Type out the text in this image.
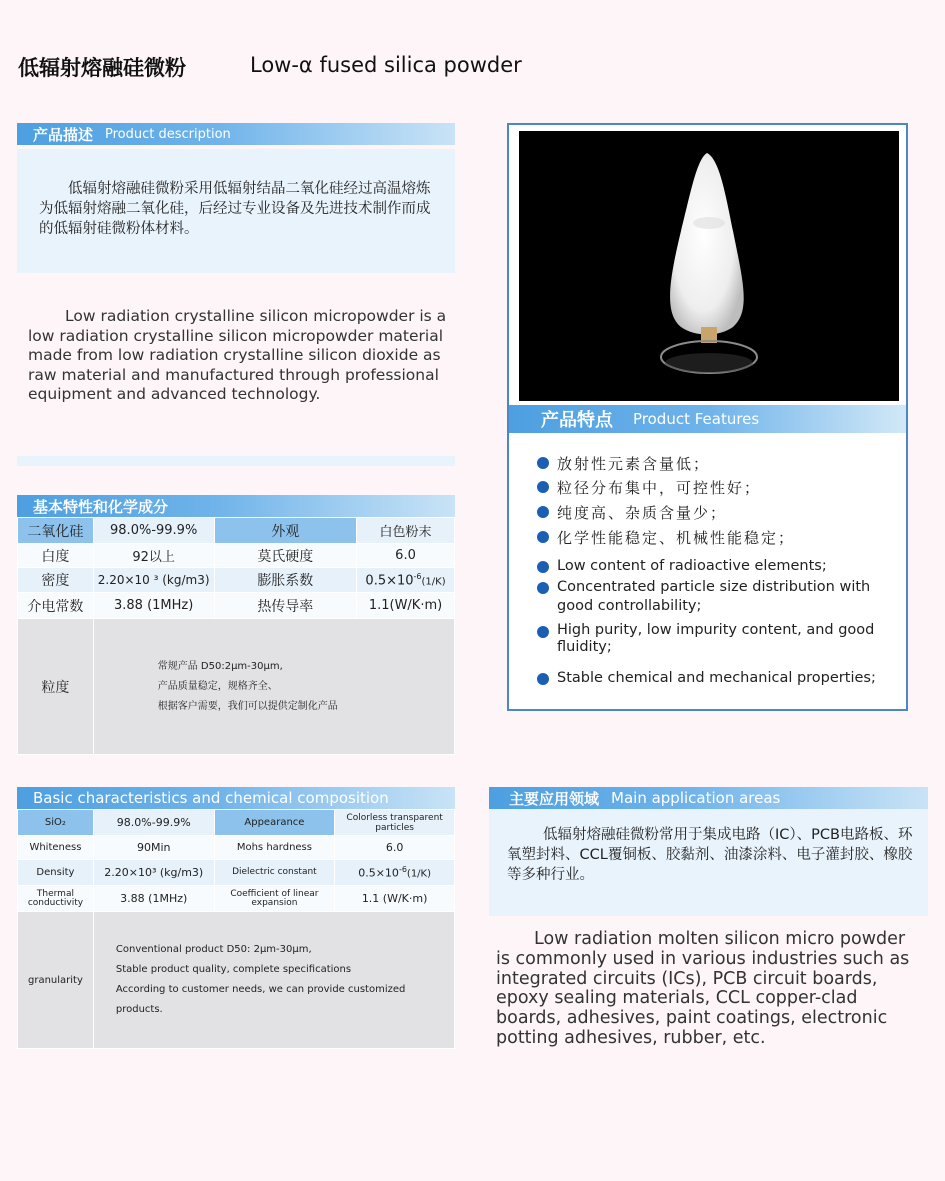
低辐射熔融硅微粉	Low-α fused silica powder
产品描述 Product description
低辐射熔融硅微粉采用低辐射结晶二氧化硅经过高温熔炼为低辐射熔融二氧化硅，后经过专业设备及先进技术制作而成的低辐射硅微粉体材料。
Low radiation crystalline silicon micropowder is a low radiation crystalline silicon micropowder material made from low radiation crystalline silicon dioxide as raw material and manufactured through professional equipment and advanced technology.
基本特性和化学成分
二氧化硅	98.0%-99.9%	外观	白色粉末
白度	92以上	莫氏硬度	6.0
密度	2.20×10 ³ (kg/m3)	膨胀系数	$0.5\times 10^{-6}(1/K)$
介电常数	3.88 (1MHz)	热传导率	1.1(W/K·m)
粒度	常规产品 D50:2μm-30μm,
产品质量稳定，规格齐全、
根据客户需要，我们可以提供定制化产品		
Basic characteristics and chemical composition
SiO₂	98.0%-99.9%	Appearance	Colorless transparent particles
Whiteness	90Min	Mohs hardness	6.0
Density	2.20×10³ (kg/m3)	Dielectric constant	$0.5\times 10^{-6}(1/K)$
Thermal conductivity	3.88 (1MHz)	Coefficient of linear expansion	1.1 (W/K·m)
granularity	Conventional product D50: 2μm-30μm,
Stable product quality, complete specifications
According to customer needs, we can provide customized products.		
产品特点 Product Features
放射性元素含量低；
粒径分布集中，可控性好；
纯度高、杂质含量少；
化学性能稳定、机械性能稳定；
Low content of radioactive elements;
Concentrated particle size distribution with good controllability;
High purity, low impurity content, and good fluidity;
Stable chemical and mechanical properties;
主要应用领域 Main application areas
低辐射熔融硅微粉常用于集成电路（IC）、PCB电路板、环氧塑封料、CCL覆铜板、胶黏剂、油漆涂料、电子灌封胶、橡胶等多种行业。
Low radiation molten silicon micro powder is commonly used in various industries such as integrated circuits (ICs), PCB circuit boards, epoxy sealing materials, CCL copper-clad boards, adhesives, paint coatings, electronic potting adhesives, rubber, etc.
